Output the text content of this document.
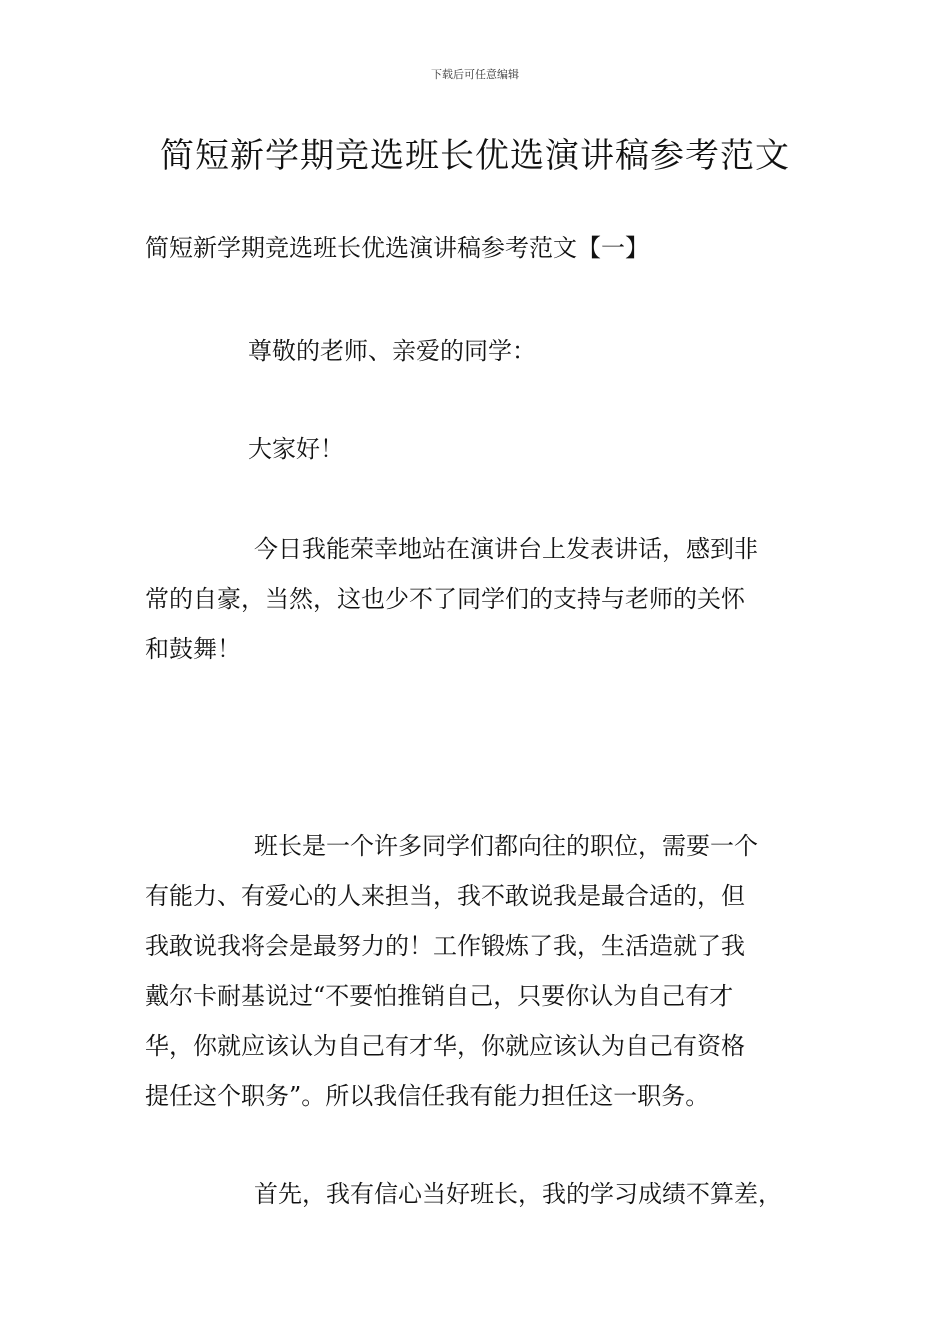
下载后可任意编辑
简短新学期竞选班长优选演讲稿参考范文
简短新学期竞选班长优选演讲稿参考范文【一】
尊敬的老师、亲爱的同学：
大家好！
今日我能荣幸地站在演讲台上发表讲话，感到非
常的自豪，当然，这也少不了同学们的支持与老师的关怀
和鼓舞！
班长是一个许多同学们都向往的职位，需要一个
有能力、有爱心的人来担当，我不敢说我是最合适的，但
我敢说我将会是最努力的！工作锻炼了我，生活造就了我
戴尔卡耐基说过“不要怕推销自己，只要你认为自己有才
华，你就应该认为自己有才华，你就应该认为自己有资格
提任这个职务”。所以我信任我有能力担任这一职务。
首先，我有信心当好班长，我的学习成绩不算差，
